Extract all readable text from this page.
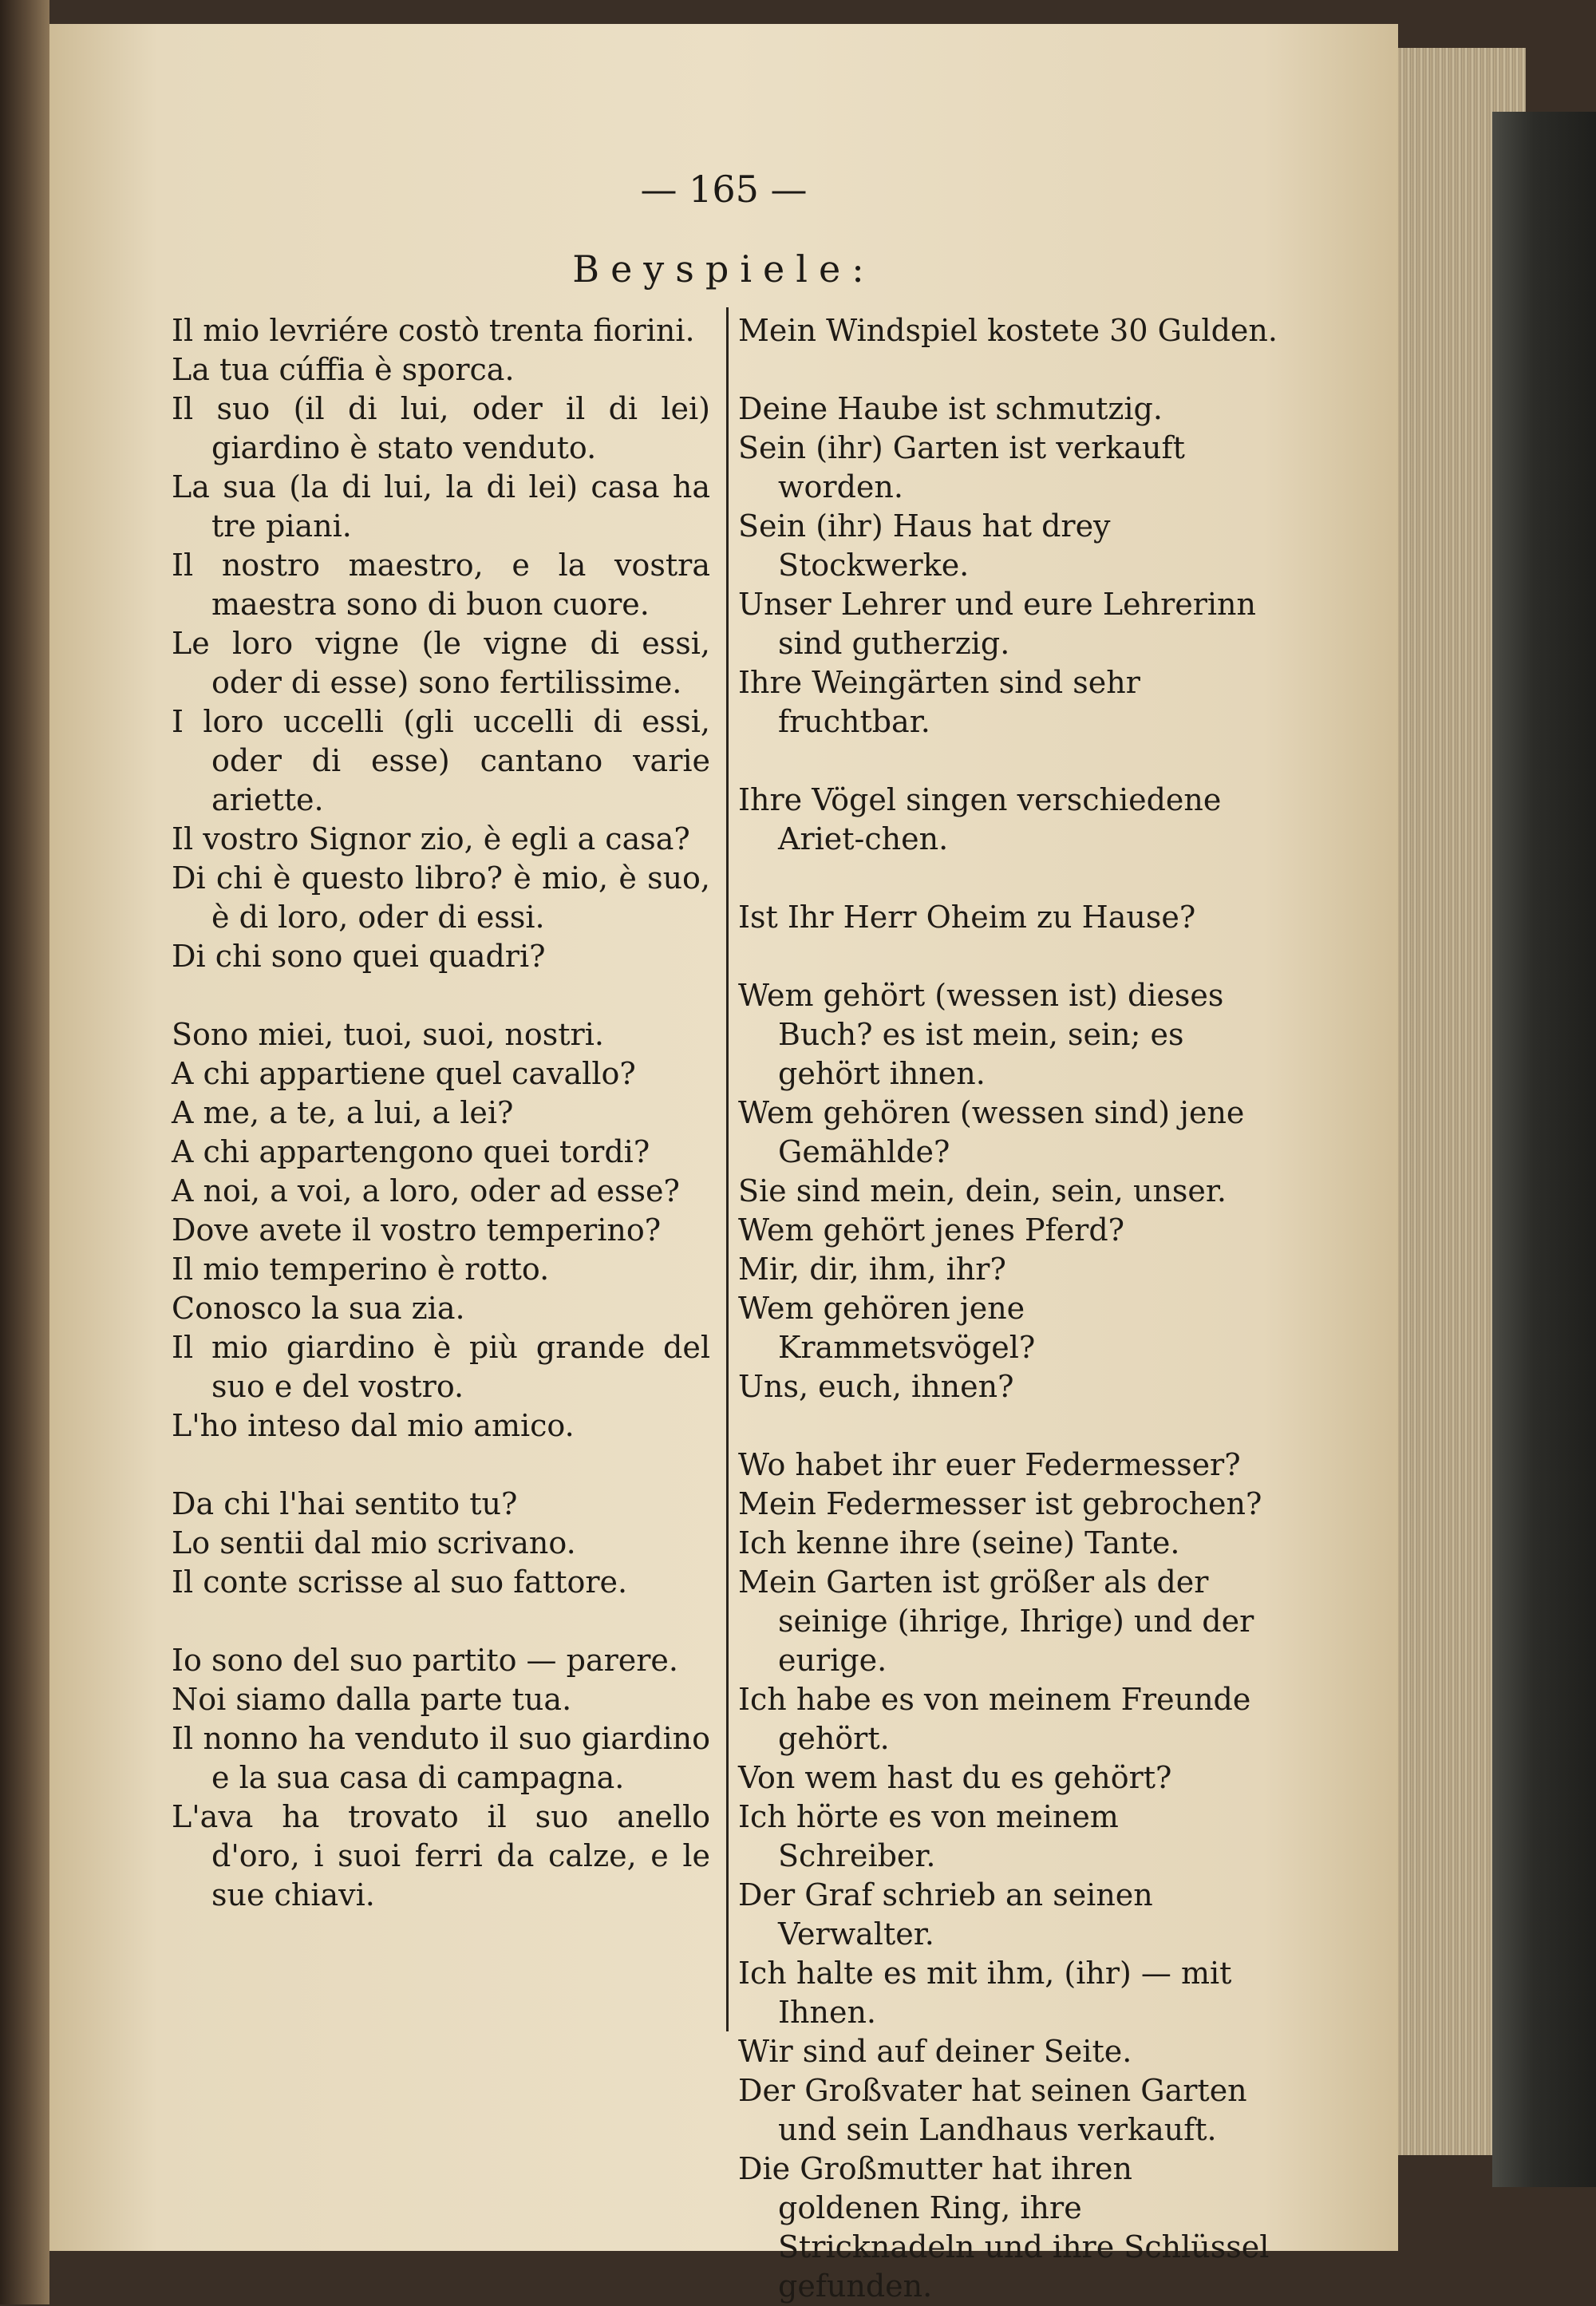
— 165 —
Beyspiele:

Il mio levriére costò trenta fiorini.

La tua cúffia è sporca.

Il suo (il di lui, oder il di lei) giardino è stato venduto.

La sua (la di lui, la di lei) casa ha tre piani.

Il nostro maestro, e la vostra maestra sono di buon cuore.

Le loro vigne (le vigne di essi, oder di esse) sono fertilissime.

I loro uccelli (gli uccelli di essi, oder di esse) cantano varie ariette.

Il vostro Signor zio, è egli a casa?

Di chi è questo libro? è mio, è suo, è di loro, oder di essi.

Di chi sono quei quadri?

Sono miei, tuoi, suoi, nostri.

A chi appartiene quel cavallo?

A me, a te, a lui, a lei?

A chi appartengono quei tordi?

A noi, a voi, a loro, oder ad esse?

Dove avete il vostro temperino?

Il mio temperino è rotto.

Conosco la sua zia.

Il mio giardino è più grande del suo e del vostro.

L'ho inteso dal mio amico.

Da chi l'hai sentito tu?

Lo sentii dal mio scrivano.

Il conte scrisse al suo fattore.

Io sono del suo partito — parere.

Noi siamo dalla parte tua.

Il nonno ha venduto il suo giardino e la sua casa di campagna.

L'ava ha trovato il suo anello d'oro, i suoi ferri da calze, e le sue chiavi.

Mein Windspiel kostete 30 Gulden.

Deine Haube ist schmutzig.

Sein (ihr) Garten ist verkauft worden.

Sein (ihr) Haus hat drey Stockwerke.

Unser Lehrer und eure Lehrerinn sind gutherzig.

Ihre Weingärten sind sehr fruchtbar.

Ihre Vögel singen verschiedene Ariet-chen.

Ist Ihr Herr Oheim zu Hause?

Wem gehört (wessen ist) dieses Buch? es ist mein, sein; es gehört ihnen.

Wem gehören (wessen sind) jene Gemählde?

Sie sind mein, dein, sein, unser.

Wem gehört jenes Pferd?

Mir, dir, ihm, ihr?

Wem gehören jene Krammetsvögel?

Uns, euch, ihnen?

Wo habet ihr euer Federmesser?

Mein Federmesser ist gebrochen?

Ich kenne ihre (seine) Tante.

Mein Garten ist größer als der seinige (ihrige, Ihrige) und der eurige.

Ich habe es von meinem Freunde gehört.

Von wem hast du es gehört?

Ich hörte es von meinem Schreiber.

Der Graf schrieb an seinen Verwalter.

Ich halte es mit ihm, (ihr) — mit Ihnen.

Wir sind auf deiner Seite.

Der Großvater hat seinen Garten und sein Landhaus verkauft.

Die Großmutter hat ihren goldenen Ring, ihre Stricknadeln und ihre Schlüssel gefunden.
